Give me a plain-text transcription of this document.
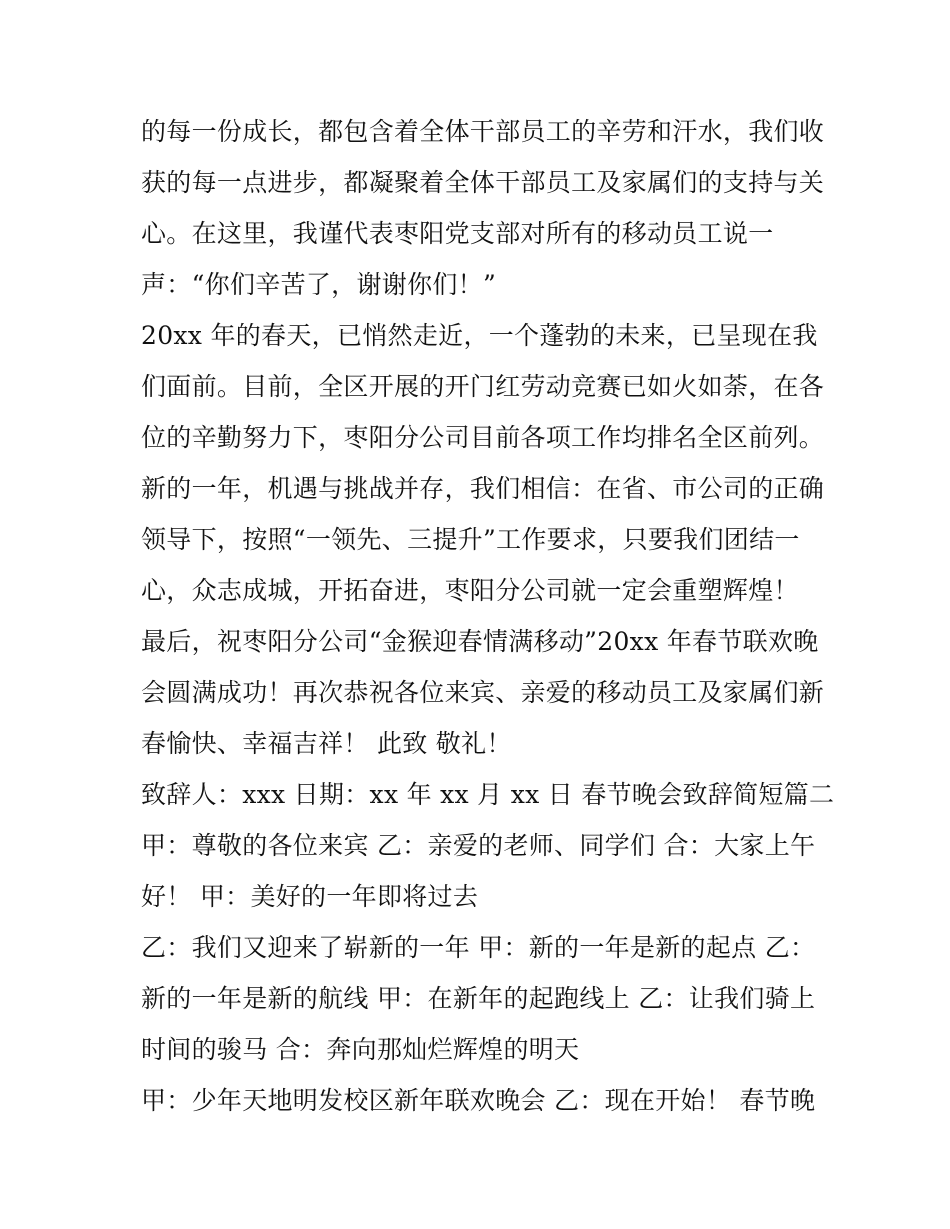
的每一份成长，都包含着全体干部员工的辛劳和汗水，我们收
获的每一点进步，都凝聚着全体干部员工及家属们的支持与关
心。在这里，我谨代表枣阳党支部对所有的移动员工说一
声：“你们辛苦了，谢谢你们！”
20xx 年的春天，已悄然走近，一个蓬勃的未来，已呈现在我
们面前。目前，全区开展的开门红劳动竞赛已如火如荼，在各
位的辛勤努力下，枣阳分公司目前各项工作均排名全区前列。
新的一年，机遇与挑战并存，我们相信：在省、市公司的正确
领导下，按照“一领先、三提升”工作要求，只要我们团结一
心，众志成城，开拓奋进，枣阳分公司就一定会重塑辉煌！
最后，祝枣阳分公司“金猴迎春情满移动”20xx 年春节联欢晚
会圆满成功！再次恭祝各位来宾、亲爱的移动员工及家属们新
春愉快、幸福吉祥！ 此致 敬礼！
致辞人：xxx 日期：xx 年 xx 月 xx 日 春节晚会致辞简短篇二
甲：尊敬的各位来宾 乙：亲爱的老师、同学们 合：大家上午
好！ 甲：美好的一年即将过去
乙：我们又迎来了崭新的一年 甲：新的一年是新的起点 乙：
新的一年是新的航线 甲：在新年的起跑线上 乙：让我们骑上
时间的骏马 合：奔向那灿烂辉煌的明天
甲：少年天地明发校区新年联欢晚会 乙：现在开始！ 春节晚
